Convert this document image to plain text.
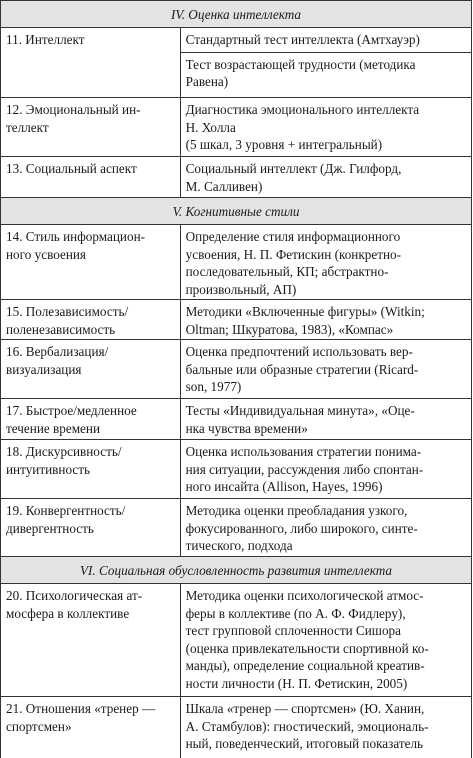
IV. Оценка интеллекта
11. Интеллект	Стандартный тест интеллекта (Амтхауэр)
Тест возрастающей трудности (методика
Равена)
12. Эмоциональный ин-
теллект
Диагностика эмоционального интеллекта
Н. Холла
(5 шкал, 3 уровня + интегральный)
13. Социальный аспект	Социальный интеллект (Дж. Гилфорд,
М. Салливен)
V. Когнитивные стили
14. Стиль информацион-
ного усвоения
Определение стиля информационного
усвоения, Н. П. Фетискин (конкретно-
последовательный, КП; абстрактно-
произвольный, АП)
15. Полезависимость/
поленезависимость
Методики «Включенные фигуры» (Witkin;
Oltman; Шкуратова, 1983), «Компас»
16. Вербализация/
визуализация
Оценка предпочтений использовать вер-
бальные или образные стратегии (Ricard-
son, 1977)
17. Быстрое/медленное
течение времени
Тесты «Индивидуальная минута», «Оце-
нка чувства времени»
18. Дискурсивность/
интуитивность
Оценка использования стратегии понима-
ния ситуации, рассуждения либо спонтан-
ного инсайта (Allison, Hayes, 1996)
19. Конвергентность/
дивергентность
Методика оценки преобладания узкого,
фокусированного, либо широкого, синте-
тического, подхода
VI. Социальная обусловленность развития интеллекта
20. Психологическая ат-
мосфера в коллективе
Методика оценки психологической атмос-
феры в коллективе (по А. Ф. Фидлеру),
тест групповой сплоченности Сишора
(оценка привлекательности спортивной ко-
манды), определение социальной креатив-
ности личности (Н. П. Фетискин, 2005)
21. Отношения «тренер —
спортсмен»
Шкала «тренер — спортсмен» (Ю. Ханин,
А. Стамбулов): гностический, эмоциональ-
ный, поведенческий, итоговый показатель
